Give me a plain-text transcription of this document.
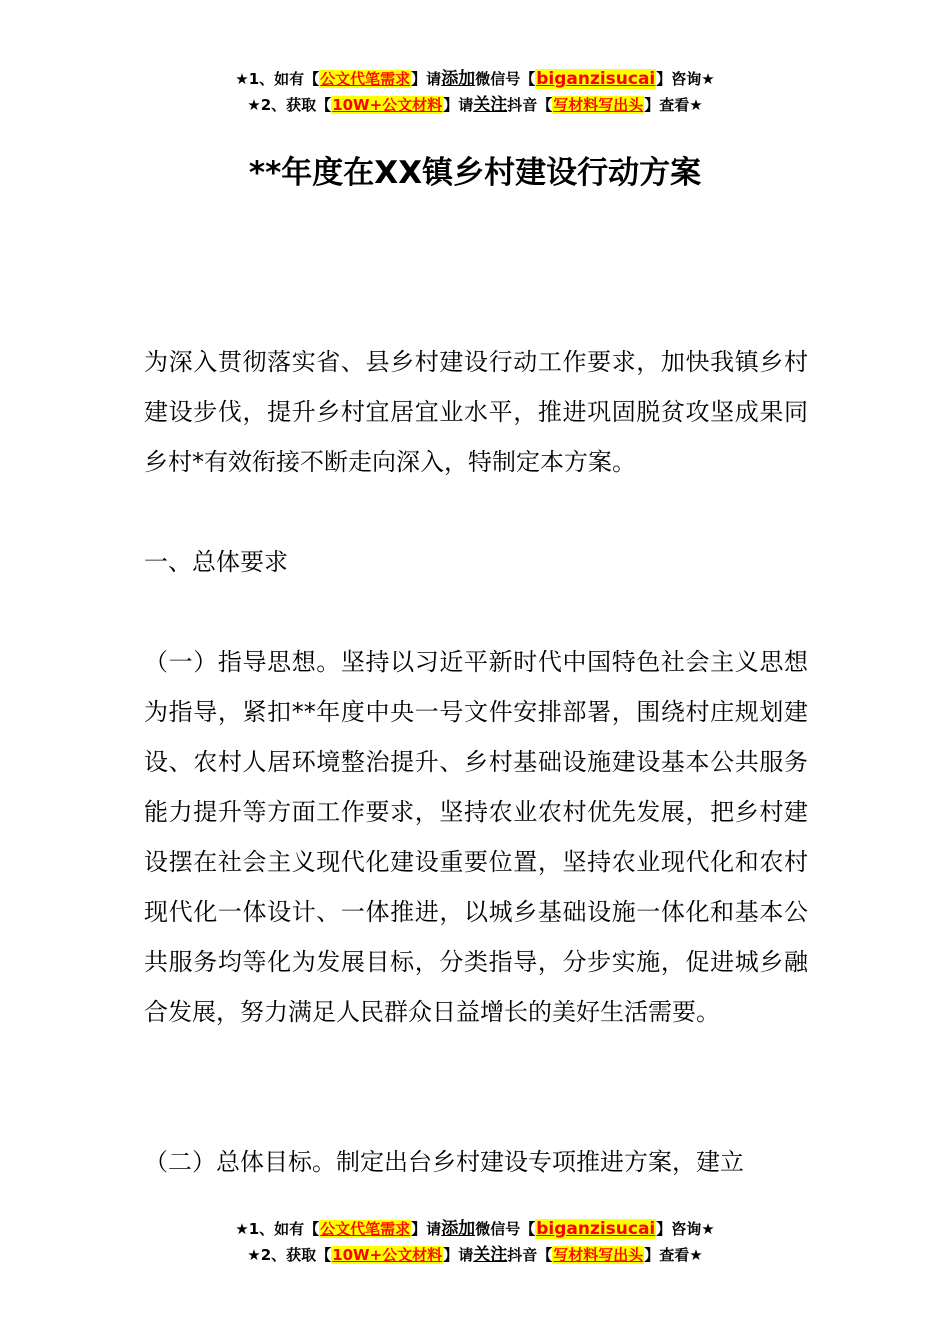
★1、如有【公文代笔需求】请添加微信号【biganzisucai】咨询★
★2、获取【10W+公文材料】请关注抖音【写材料写出头】查看★
**年度在XX镇乡村建设行动方案
为深入贯彻落实省、县乡村建设行动工作要求，加快我镇乡村建设步伐，提升乡村宜居宜业水平，推进巩固脱贫攻坚成果同乡村*有效衔接不断走向深入，特制定本方案。
一、总体要求
（一）指导思想。坚持以习近平新时代中国特色社会主义思想为指导，紧扣**年度中央一号文件安排部署，围绕村庄规划建设、农村人居环境整治提升、乡村基础设施建设基本公共服务能力提升等方面工作要求，坚持农业农村优先发展，把乡村建设摆在社会主义现代化建设重要位置，坚持农业现代化和农村现代化一体设计、一体推进，以城乡基础设施一体化和基本公共服务均等化为发展目标，分类指导，分步实施，促进城乡融合发展，努力满足人民群众日益增长的美好生活需要。
（二）总体目标。制定出台乡村建设专项推进方案，建立
★1、如有【公文代笔需求】请添加微信号【biganzisucai】咨询★
★2、获取【10W+公文材料】请关注抖音【写材料写出头】查看★
